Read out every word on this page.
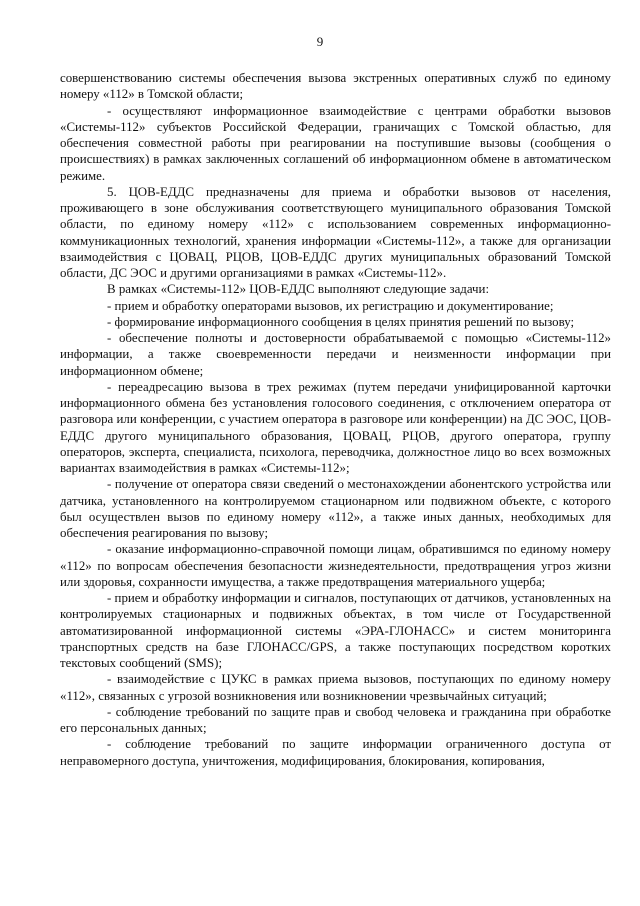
9

совершенствованию системы обеспечения вызова экстренных оперативных служб по единому номеру «112» в Томской области;

- осуществляют информационное взаимодействие с центрами обработки вызовов «Системы-112» субъектов Российской Федерации, граничащих с Томской областью, для обеспечения совместной работы при реагировании на поступившие вызовы (сообщения о происшествиях) в рамках заключенных соглашений об информационном обмене в автоматическом режиме.

5. ЦОВ-ЕДДС предназначены для приема и обработки вызовов от населения, проживающего в зоне обслуживания соответствующего муниципального образования Томской области, по единому номеру «112» с использованием современных информационно-коммуникационных технологий, хранения информации «Системы-112», а также для организации взаимодействия с ЦОВАЦ, РЦОВ, ЦОВ-ЕДДС других муниципальных образований Томской области, ДС ЭОС и другими организациями в рамках «Системы-112».

В рамках «Системы-112» ЦОВ-ЕДДС выполняют следующие задачи:

- прием и обработку операторами вызовов, их регистрацию и документирование;

- формирование информационного сообщения в целях принятия решений по вызову;

- обеспечение полноты и достоверности обрабатываемой с помощью «Системы-112» информации, а также своевременности передачи и неизменности информации при информационном обмене;

- переадресацию вызова в трех режимах (путем передачи унифицированной карточки информационного обмена без установления голосового соединения, с отключением оператора от разговора или конференции, с участием оператора в разговоре или конференции) на ДС ЭОС, ЦОВ-ЕДДС другого муниципального образования, ЦОВАЦ, РЦОВ, другого оператора, группу операторов, эксперта, специалиста, психолога, переводчика, должностное лицо во всех возможных вариантах взаимодействия в рамках «Системы-112»;

- получение от оператора связи сведений о местонахождении абонентского устройства или датчика, установленного на контролируемом стационарном или подвижном объекте, с которого был осуществлен вызов по единому номеру «112», а также иных данных, необходимых для обеспечения реагирования по вызову;

- оказание информационно-справочной помощи лицам, обратившимся по единому номеру «112» по вопросам обеспечения безопасности жизнедеятельности, предотвращения угроз жизни или здоровья, сохранности имущества, а также предотвращения материального ущерба;

- прием и обработку информации и сигналов, поступающих от датчиков, установленных на контролируемых стационарных и подвижных объектах, в том числе от Государственной автоматизированной информационной системы «ЭРА-ГЛОНАСС» и систем мониторинга транспортных средств на базе ГЛОНАСС/GPS, а также поступающих посредством коротких текстовых сообщений (SMS);

- взаимодействие с ЦУКС в рамках приема вызовов, поступающих по единому номеру «112», связанных с угрозой возникновения или возникновении чрезвычайных ситуаций;

- соблюдение требований по защите прав и свобод человека и гражданина при обработке его персональных данных;

- соблюдение требований по защите информации ограниченного доступа от неправомерного доступа, уничтожения, модифицирования, блокирования, копирования,
